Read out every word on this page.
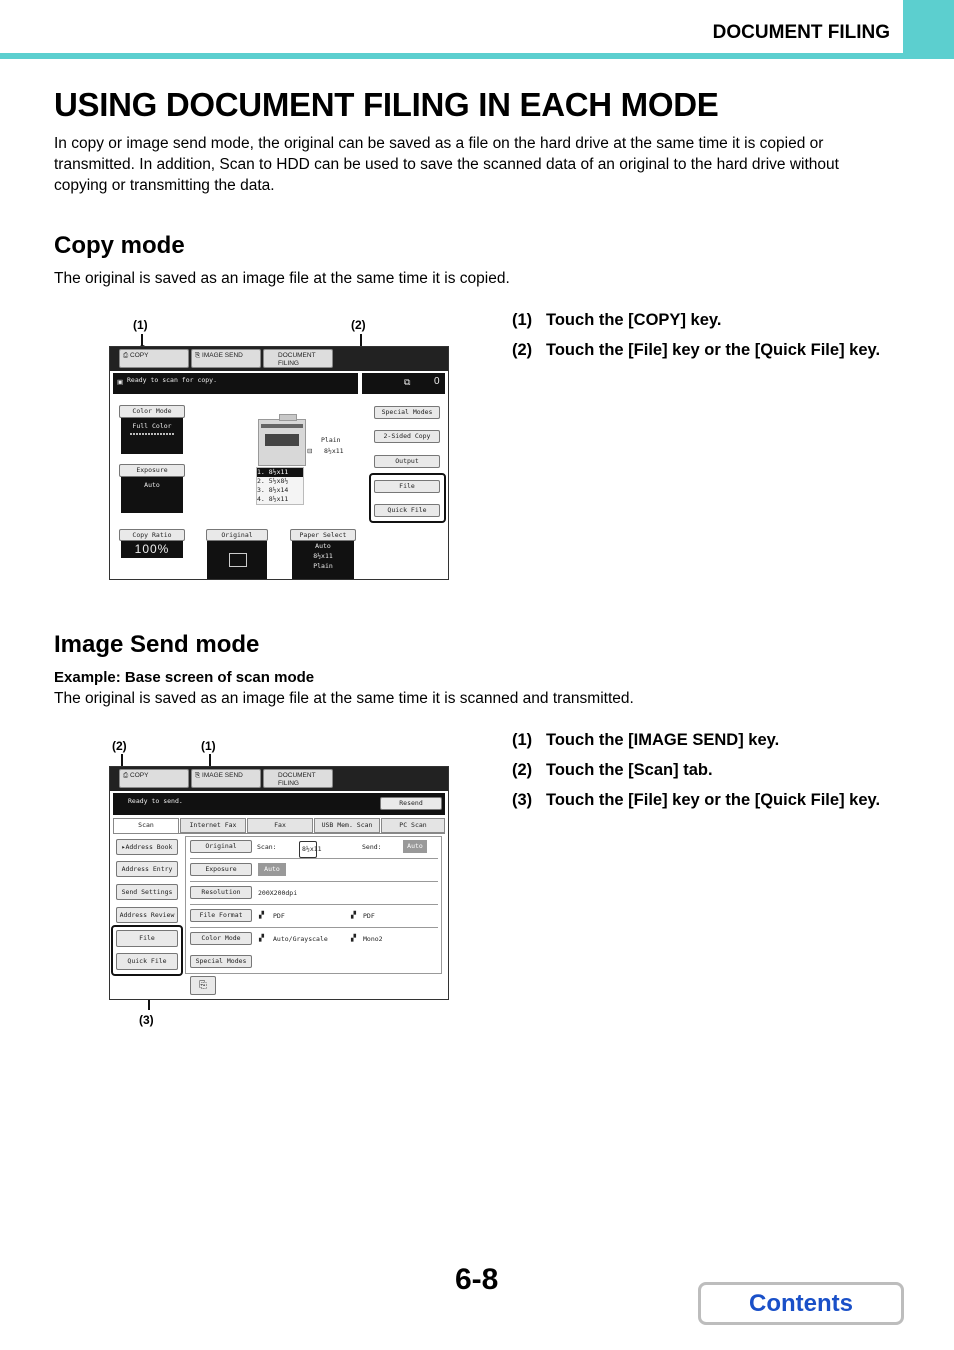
DOCUMENT FILING
USING DOCUMENT FILING IN EACH MODE
In copy or image send mode, the original can be saved as a file on the hard drive at the same time it is copied or transmitted. In addition, Scan to HDD can be used to save the scanned data of an original to the hard drive without copying or transmitting the data.
Copy mode
The original is saved as an image file at the same time it is copied.
(1)	(2)
⎙ COPY	⎘ IMAGE SEND	DOCUMENT
FILING
▣ Ready to scan for copy.	⧉ 0
Color Mode
Full Color
Exposure
Auto
Copy Ratio
100%
Original	Paper Select
Auto
8½x11
Plain
1. 8½x11
2. 5½x8½
3. 8½x14
4. 8½x11
Plain
⊟ 8½x11
Special Modes
2-Sided Copy
Output
File
Quick File
(1) Touch the [COPY] key.
(2) Touch the [File] key or the [Quick File] key.
Image Send mode
Example: Base screen of scan mode
The original is saved as an image file at the same time it is scanned and transmitted.
(2)	(1)
(3)
⎙ COPY	⎘ IMAGE SEND	DOCUMENT
FILING
Ready to send.	Resend
Scan	Internet Fax	Fax	USB Mem. Scan	PC Scan
▸Address Book
Address Entry
Send Settings
Address Review
File
Quick File
Original	Scan:	8½x11	Send:	Auto
Exposure	Auto
Resolution	200X200dpi
File Format	▞ PDF	▞ PDF
Color Mode	▞ Auto/Grayscale	▞ Mono2
Special Modes
⎘
(1) Touch the [IMAGE SEND] key.
(2) Touch the [Scan] tab.
(3) Touch the [File] key or the [Quick File] key.
6-8
Contents
